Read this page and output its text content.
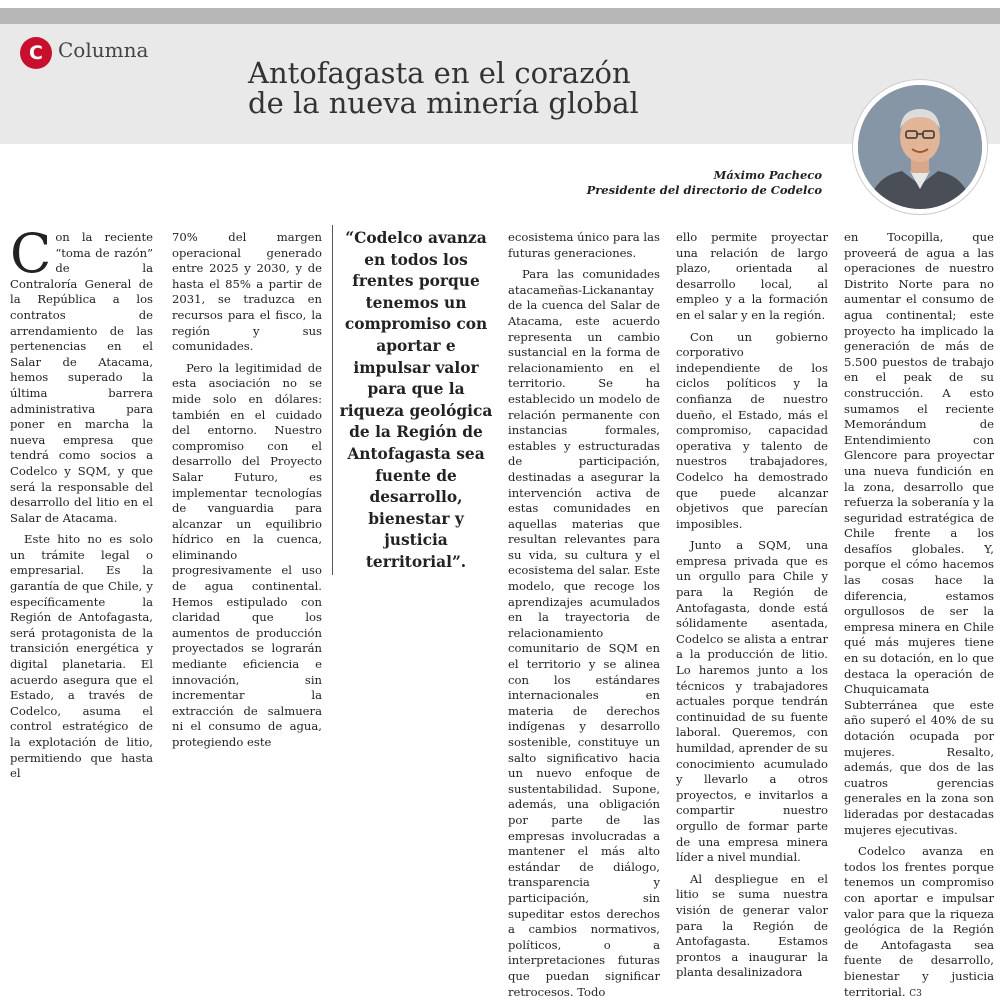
C Columna
Antofagasta en el corazón
de la nueva minería global
Máximo Pacheco
Presidente del directorio de Codelco

Con la reciente “toma de razón” de la Contraloría General de la República a los contratos de arrendamiento de las pertenencias en el Salar de Atacama, hemos superado la última barrera administrativa para poner en marcha la nueva empresa que tendrá como socios a Codelco y SQM, y que será la responsable del desarrollo del litio en el Salar de Atacama.

Este hito no es solo un trámite legal o empresarial. Es la garantía de que Chile, y específicamente la Región de Antofagasta, será protagonista de la transición energética y digital planetaria. El acuerdo asegura que el Estado, a través de Codelco, asuma el control estratégico de la explotación de litio, permitiendo que hasta el

70% del margen operacional generado entre 2025 y 2030, y de hasta el 85% a partir de 2031, se traduzca en recursos para el fisco, la región y sus comunidades.

Pero la legitimidad de esta asociación no se mide solo en dólares: también en el cuidado del entorno. Nuestro compromiso con el desarrollo del Proyecto Salar Futuro, es implementar tecnologías de vanguardia para alcanzar un equilibrio hídrico en la cuenca, eliminando progresivamente el uso de agua continental. Hemos estipulado con claridad que los aumentos de producción proyectados se lograrán mediante eficiencia e innovación, sin incrementar la extracción de salmuera ni el consumo de agua, protegiendo este

“Codelco avanza en todos los frentes porque tenemos un compromiso con aportar e impulsar valor para que la riqueza geológica de la Región de Antofagasta sea fuente de desarrollo, bienestar y justicia territorial”.

ecosistema único para las futuras generaciones.

Para las comunidades atacameñas-Lickanantay de la cuenca del Salar de Atacama, este acuerdo representa un cambio sustancial en la forma de relacionamiento en el territorio. Se ha establecido un modelo de relación permanente con instancias formales, estables y estructuradas de participación, destinadas a asegurar la intervención activa de estas comunidades en aquellas materias que resultan relevantes para su vida, su cultura y el ecosistema del salar. Este modelo, que recoge los aprendizajes acumulados en la trayectoria de relacionamiento comunitario de SQM en el territorio y se alinea con los estándares internacionales en materia de derechos indígenas y desarrollo sostenible, constituye un salto significativo hacia un nuevo enfoque de sustentabilidad. Supone, además, una obligación por parte de las empresas involucradas a mantener el más alto estándar de diálogo, transparencia y participación, sin supeditar estos derechos a cambios normativos, políticos, o a interpretaciones futuras que puedan significar retrocesos. Todo

ello permite proyectar una relación de largo plazo, orientada al desarrollo local, al empleo y a la formación en el salar y en la región.

Con un gobierno corporativo independiente de los ciclos políticos y la confianza de nuestro dueño, el Estado, más el compromiso, capacidad operativa y talento de nuestros trabajadores, Codelco ha demostrado que puede alcanzar objetivos que parecían imposibles.

Junto a SQM, una empresa privada que es un orgullo para Chile y para la Región de Antofagasta, donde está sólidamente asentada, Codelco se alista a entrar a la producción de litio. Lo haremos junto a los técnicos y trabajadores actuales porque tendrán continuidad de su fuente laboral. Queremos, con humildad, aprender de su conocimiento acumulado y llevarlo a otros proyectos, e invitarlos a compartir nuestro orgullo de formar parte de una empresa minera líder a nivel mundial.

Al despliegue en el litio se suma nuestra visión de generar valor para la Región de Antofagasta. Estamos prontos a inaugurar la planta desalinizadora

en Tocopilla, que proveerá de agua a las operaciones de nuestro Distrito Norte para no aumentar el consumo de agua continental; este proyecto ha implicado la generación de más de 5.500 puestos de trabajo en el peak de su construcción. A esto sumamos el reciente Memorándum de Entendimiento con Glencore para proyectar una nueva fundición en la zona, desarrollo que refuerza la soberanía y la seguridad estratégica de Chile frente a los desafíos globales. Y, porque el cómo hacemos las cosas hace la diferencia, estamos orgullosos de ser la empresa minera en Chile qué más mujeres tiene en su dotación, en lo que destaca la operación de Chuquicamata Subterránea que este año superó el 40% de su dotación ocupada por mujeres. Resalto, además, que dos de las cuatros gerencias generales en la zona son lideradas por destacadas mujeres ejecutivas.

Codelco avanza en todos los frentes porque tenemos un compromiso con aportar e impulsar valor para que la riqueza geológica de la Región de Antofagasta sea fuente de desarrollo, bienestar y justicia territorial. C3
